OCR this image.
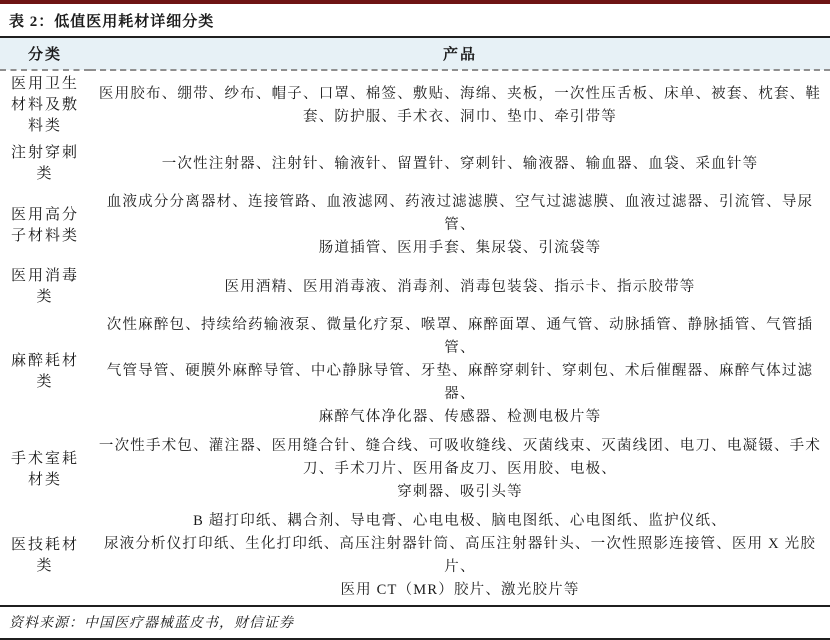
表 2：低值医用耗材详细分类
分类	产品
医用卫生材料及敷料类	医用胶布、绷带、纱布、帽子、口罩、棉签、敷贴、海绵、夹板，一次性压舌板、床单、被套、枕套、鞋
套、防护服、手术衣、洞巾、垫巾、牵引带等

注射穿刺类	一次性注射器、注射针、输液针、留置针、穿刺针、输液器、输血器、血袋、采血针等

医用高分子材料类	血液成分分离器材、连接管路、血液滤网、药液过滤滤膜、空气过滤滤膜、血液过滤器、引流管、导尿管、
肠道插管、医用手套、集尿袋、引流袋等

医用消毒类	医用酒精、医用消毒液、消毒剂、消毒包装袋、指示卡、指示胶带等

麻醉耗材类	次性麻醉包、持续给药输液泵、微量化疗泵、喉罩、麻醉面罩、通气管、动脉插管、静脉插管、气管插管、
气管导管、硬膜外麻醉导管、中心静脉导管、牙垫、麻醉穿刺针、穿刺包、术后催醒器、麻醉气体过滤器、
麻醉气体净化器、传感器、检测电极片等

手术室耗材类	一次性手术包、灌注器、医用缝合针、缝合线、可吸收缝线、灭菌线束、灭菌线团、电刀、电凝镊、手术
刀、手术刀片、医用备皮刀、医用胶、电极、
穿刺器、吸引头等

医技耗材类	B 超打印纸、耦合剂、导电膏、心电电极、脑电图纸、心电图纸、监护仪纸、
尿液分析仪打印纸、生化打印纸、高压注射器针筒、高压注射器针头、一次性照影连接管、医用 X 光胶片、
医用 CT（MR）胶片、激光胶片等
资料来源：中国医疗器械蓝皮书，财信证券
